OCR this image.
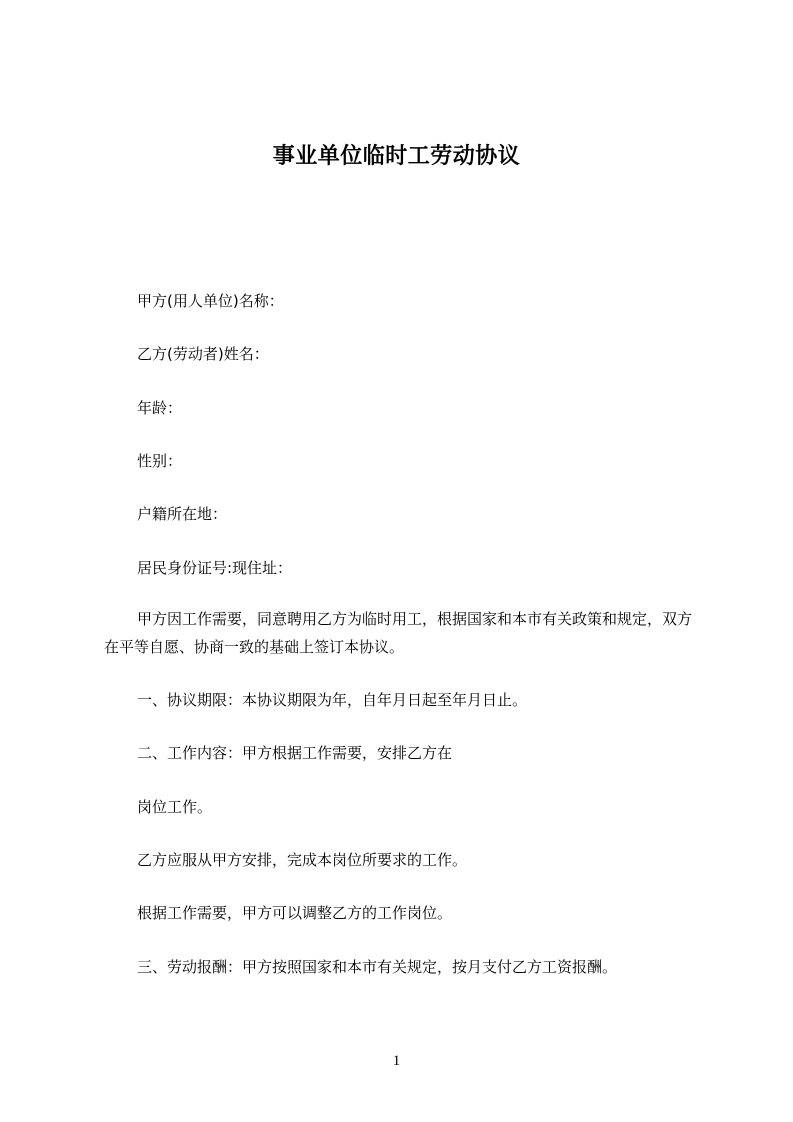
事业单位临时工劳动协议

甲方(用人单位)名称：

乙方(劳动者)姓名：

年龄：

性别：

户籍所在地：

居民身份证号:现住址：

甲方因工作需要，同意聘用乙方为临时用工，根据国家和本市有关政策和规定，双方在平等自愿、协商一致的基础上签订本协议。

一、协议期限：本协议期限为年，自年月日起至年月日止。

二、工作内容：甲方根据工作需要，安排乙方在

岗位工作。

乙方应服从甲方安排，完成本岗位所要求的工作。

根据工作需要，甲方可以调整乙方的工作岗位。

三、劳动报酬：甲方按照国家和本市有关规定，按月支付乙方工资报酬。

1
